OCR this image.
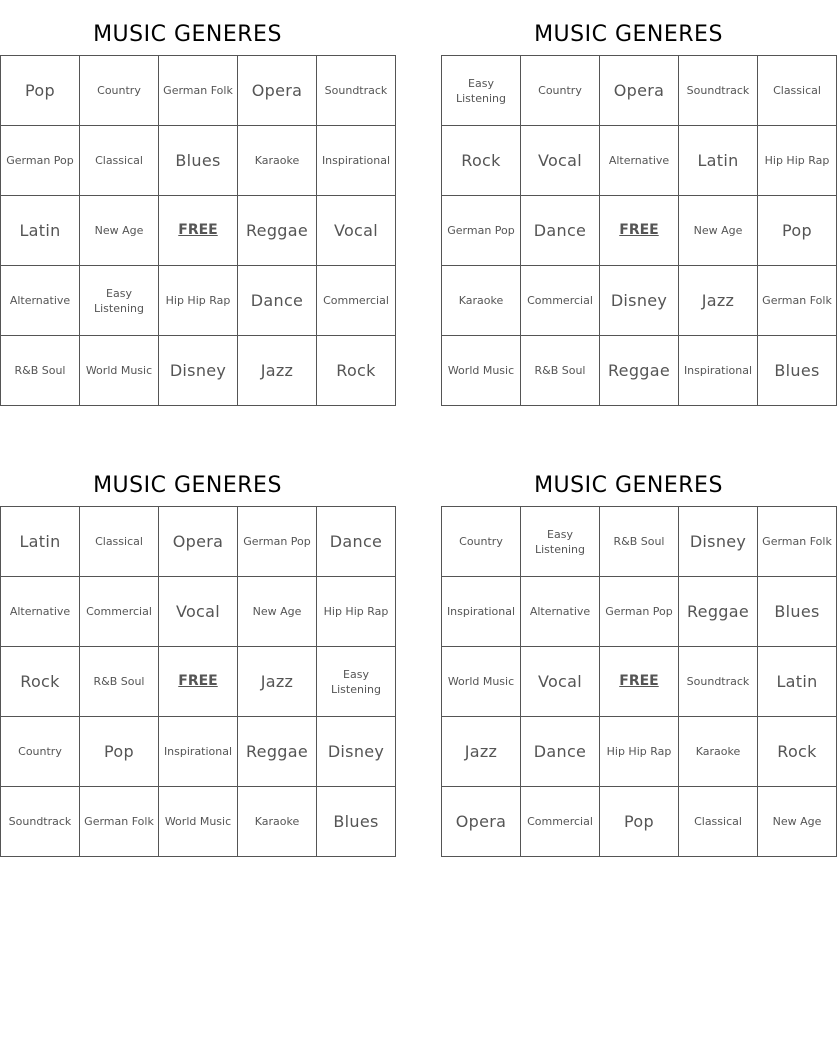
MUSIC GENERES
Pop	Country	German Folk	Opera	Soundtrack
German Pop	Classical	Blues	Karaoke	Inspirational
Latin	New Age	FREE	Reggae	Vocal
Alternative	Easy Listening	Hip Hip Rap	Dance	Commercial
R&B Soul	World Music	Disney	Jazz	Rock
MUSIC GENERES
Easy Listening	Country	Opera	Soundtrack	Classical
Rock	Vocal	Alternative	Latin	Hip Hip Rap
German Pop	Dance	FREE	New Age	Pop
Karaoke	Commercial	Disney	Jazz	German Folk
World Music	R&B Soul	Reggae	Inspirational	Blues
MUSIC GENERES
Latin	Classical	Opera	German Pop	Dance
Alternative	Commercial	Vocal	New Age	Hip Hip Rap
Rock	R&B Soul	FREE	Jazz	Easy Listening
Country	Pop	Inspirational	Reggae	Disney
Soundtrack	German Folk	World Music	Karaoke	Blues
MUSIC GENERES
Country	Easy Listening	R&B Soul	Disney	German Folk
Inspirational	Alternative	German Pop	Reggae	Blues
World Music	Vocal	FREE	Soundtrack	Latin
Jazz	Dance	Hip Hip Rap	Karaoke	Rock
Opera	Commercial	Pop	Classical	New Age
